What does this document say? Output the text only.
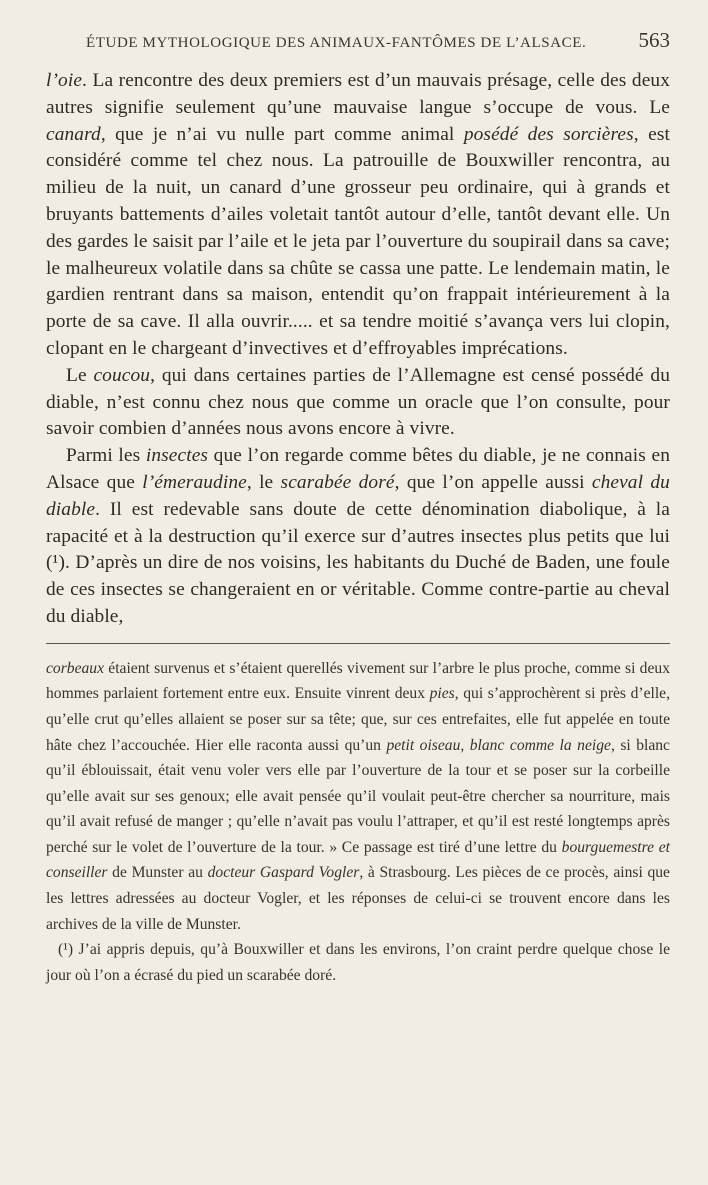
ÉTUDE MYTHOLOGIQUE DES ANIMAUX-FANTÔMES DE L’ALSACE. 563

l’oie. La rencontre des deux premiers est d’un mauvais présage, celle des deux autres signifie seulement qu’une mauvaise langue s’occupe de vous. Le canard, que je n’ai vu nulle part comme animal posédé des sorcières, est considéré comme tel chez nous. La patrouille de Bouxwiller rencontra, au milieu de la nuit, un canard d’une grosseur peu ordinaire, qui à grands et bruyants battements d’ailes voletait tantôt autour d’elle, tantôt devant elle. Un des gardes le saisit par l’aile et le jeta par l’ouverture du soupirail dans sa cave; le malheureux volatile dans sa chûte se cassa une patte. Le lendemain matin, le gardien rentrant dans sa maison, entendit qu’on frappait intérieurement à la porte de sa cave. Il alla ouvrir..... et sa tendre moitié s’avança vers lui clopin, clopant en le chargeant d’invectives et d’effroyables imprécations.

Le coucou, qui dans certaines parties de l’Allemagne est censé possédé du diable, n’est connu chez nous que comme un oracle que l’on consulte, pour savoir combien d’années nous avons encore à vivre.

Parmi les insectes que l’on regarde comme bêtes du diable, je ne connais en Alsace que l’émeraudine, le scarabée doré, que l’on appelle aussi cheval du diable. Il est redevable sans doute de cette dénomination diabolique, à la rapacité et à la destruction qu’il exerce sur d’autres insectes plus petits que lui (¹). D’après un dire de nos voisins, les habitants du Duché de Baden, une foule de ces insectes se changeraient en or véritable. Comme contre-partie au cheval du diable,

corbeaux étaient survenus et s’étaient querellés vivement sur l’arbre le plus proche, comme si deux hommes parlaient fortement entre eux. Ensuite vinrent deux pies, qui s’approchèrent si près d’elle, qu’elle crut qu’elles allaient se poser sur sa tête; que, sur ces entrefaites, elle fut appelée en toute hâte chez l’accouchée. Hier elle raconta aussi qu’un petit oiseau, blanc comme la neige, si blanc qu’il éblouissait, était venu voler vers elle par l’ouverture de la tour et se poser sur la corbeille qu’elle avait sur ses genoux; elle avait pensée qu’il voulait peut-être chercher sa nourriture, mais qu’il avait refusé de manger ; qu’elle n’avait pas voulu l’attraper, et qu’il est resté longtemps après perché sur le volet de l’ouverture de la tour. » Ce passage est tiré d’une lettre du bourguemestre et conseiller de Munster au docteur Gaspard Vogler, à Strasbourg. Les pièces de ce procès, ainsi que les lettres adressées au docteur Vogler, et les réponses de celui-ci se trouvent encore dans les archives de la ville de Munster.

(¹) J’ai appris depuis, qu’à Bouxwiller et dans les environs, l’on craint perdre quelque chose le jour où l’on a écrasé du pied un scarabée doré.
